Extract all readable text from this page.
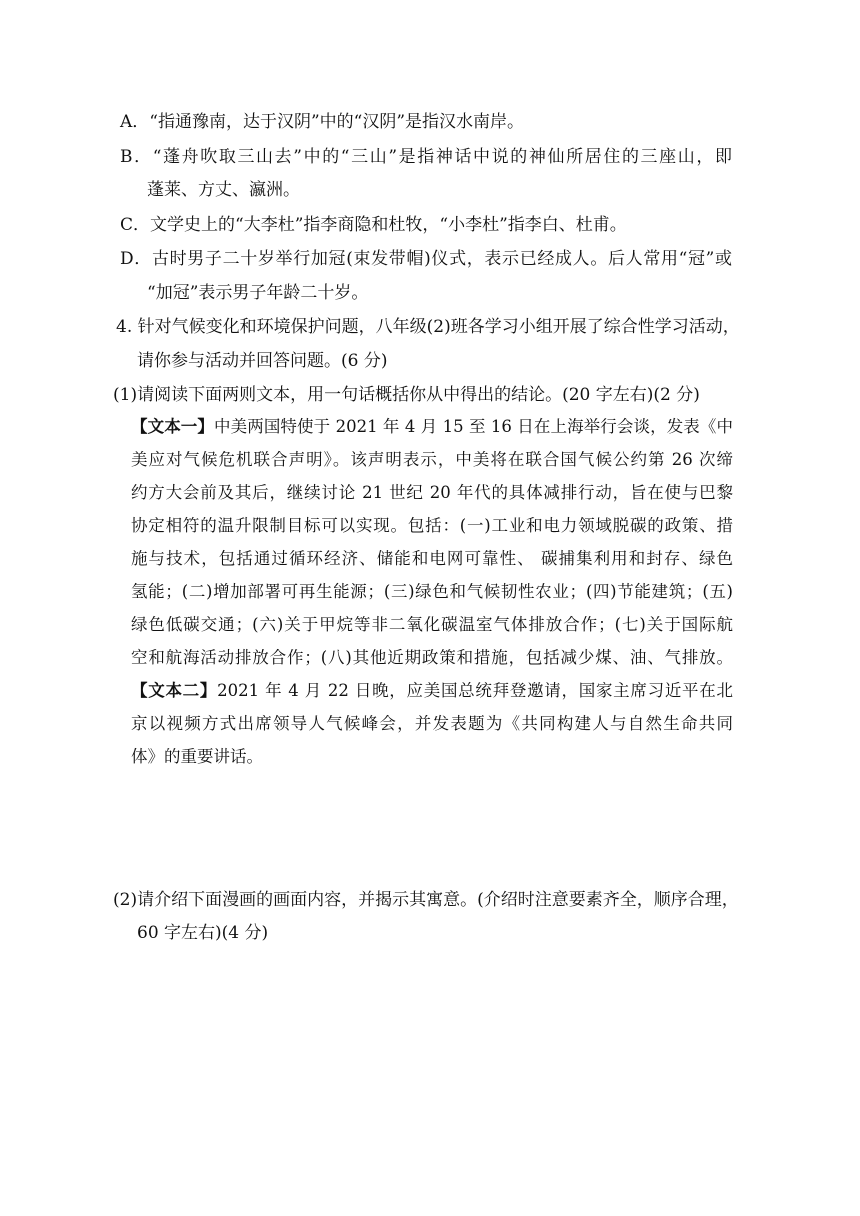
A．“指通豫南，达于汉阴”中的“汉阴”是指汉水南岸。
B．“蓬舟吹取三山去”中的“三山”是指神话中说的神仙所居住的三座山，即
蓬莱、方丈、瀛洲。
C．文学史上的“大李杜”指李商隐和杜牧，“小李杜”指李白、杜甫。
D．古时男子二十岁举行加冠(束发带帽)仪式，表示已经成人。后人常用“冠”或
“加冠”表示男子年龄二十岁。
4. 针对气候变化和环境保护问题，八年级(2)班各学习小组开展了综合性学习活动，
请你参与活动并回答问题。(6 分)
(1)请阅读下面两则文本，用一句话概括你从中得出的结论。(20 字左右)(2 分)
【文本一】中美两国特使于 2021 年 4 月 15 至 16 日在上海举行会谈，发表《中
美应对气候危机联合声明》。该声明表示，中美将在联合国气候公约第 26 次缔
约方大会前及其后，继续讨论 21 世纪 20 年代的具体减排行动，旨在使与巴黎
协定相符的温升限制目标可以实现。包括：(一)工业和电力领域脱碳的政策、措
施与技术，包括通过循环经济、储能和电网可靠性、 碳捕集利用和封存、绿色
氢能；(二)增加部署可再生能源；(三)绿色和气候韧性农业；(四)节能建筑；(五)
绿色低碳交通；(六)关于甲烷等非二氧化碳温室气体排放合作；(七)关于国际航
空和航海活动排放合作；(八)其他近期政策和措施，包括减少煤、油、气排放。
【文本二】2021 年 4 月 22 日晚，应美国总统拜登邀请，国家主席习近平在北
京以视频方式出席领导人气候峰会，并发表题为《共同构建人与自然生命共同
体》的重要讲话。
(2)请介绍下面漫画的画面内容，并揭示其寓意。(介绍时注意要素齐全，顺序合理，
60 字左右)(4 分)
